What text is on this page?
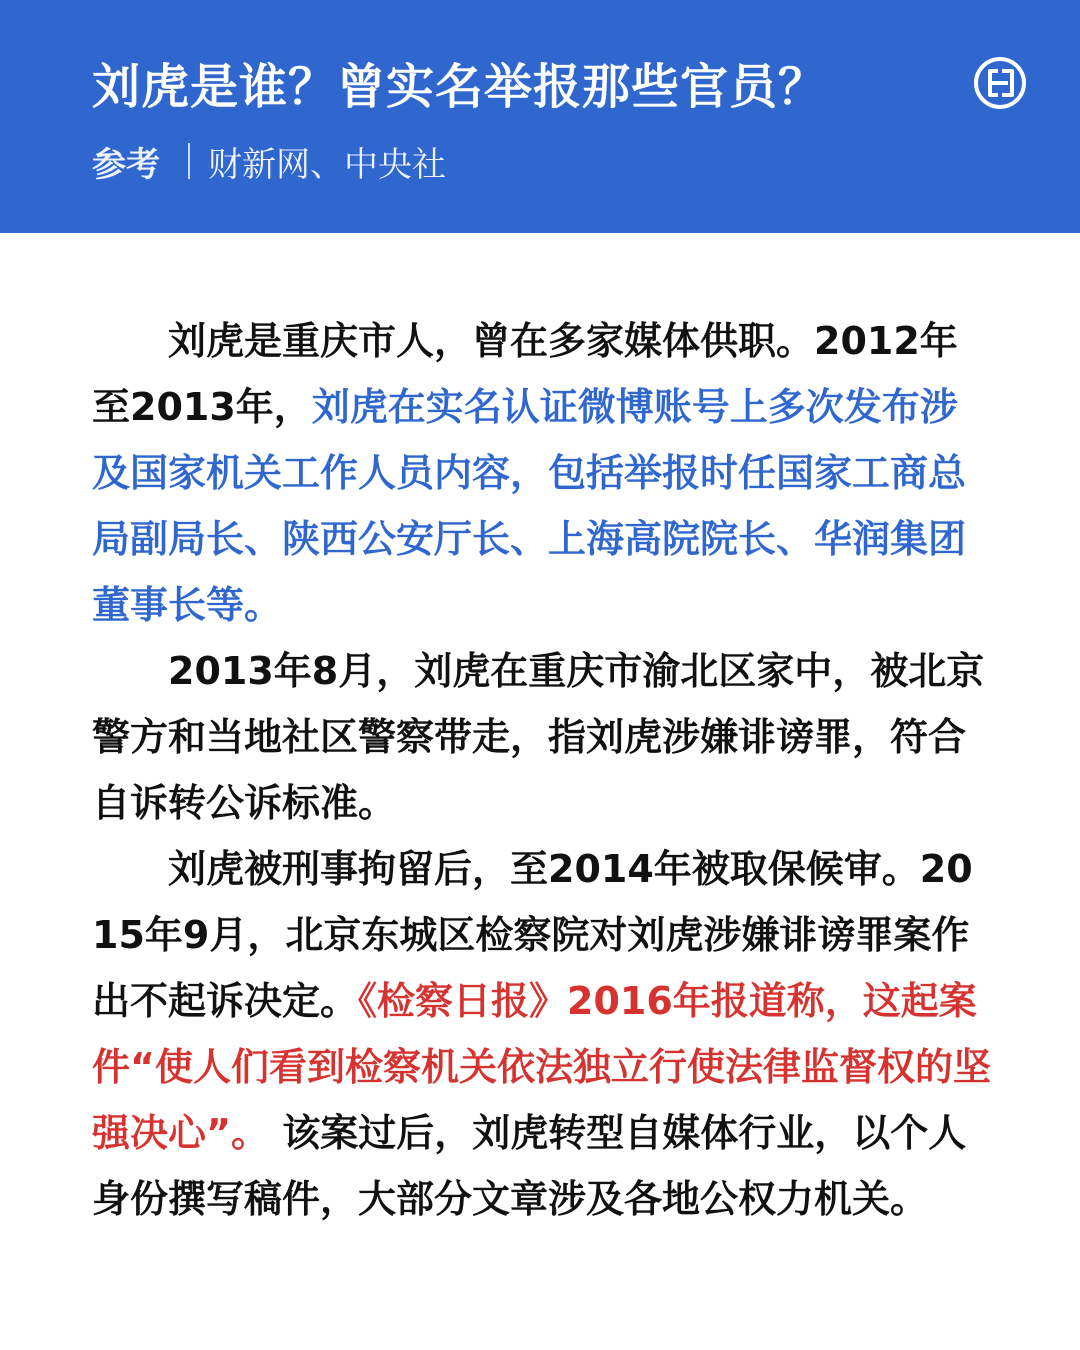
刘虎是谁？曾实名举报那些官员？
参考 财新网、中央社

刘虎是重庆市人，曾在多家媒体供职。2012年至2013年，刘虎在实名认证微博账号上多次发布涉及国家机关工作人员内容，包括举报时任国家工商总局副局长、陕西公安厅长、上海高院院长、华润集团董事长等。

2013年8月，刘虎在重庆市渝北区家中，被北京警方和当地社区警察带走，指刘虎涉嫌诽谤罪，符合自诉转公诉标准。

刘虎被刑事拘留后，至2014年被取保候审。2015年9月，北京东城区检察院对刘虎涉嫌诽谤罪案作出不起诉决定。《检察日报》2016年报道称，这起案件“使人们看到检察机关依法独立行使法律监督权的坚强决心”。 该案过后，刘虎转型自媒体行业，以个人身份撰写稿件，大部分文章涉及各地公权力机关。
